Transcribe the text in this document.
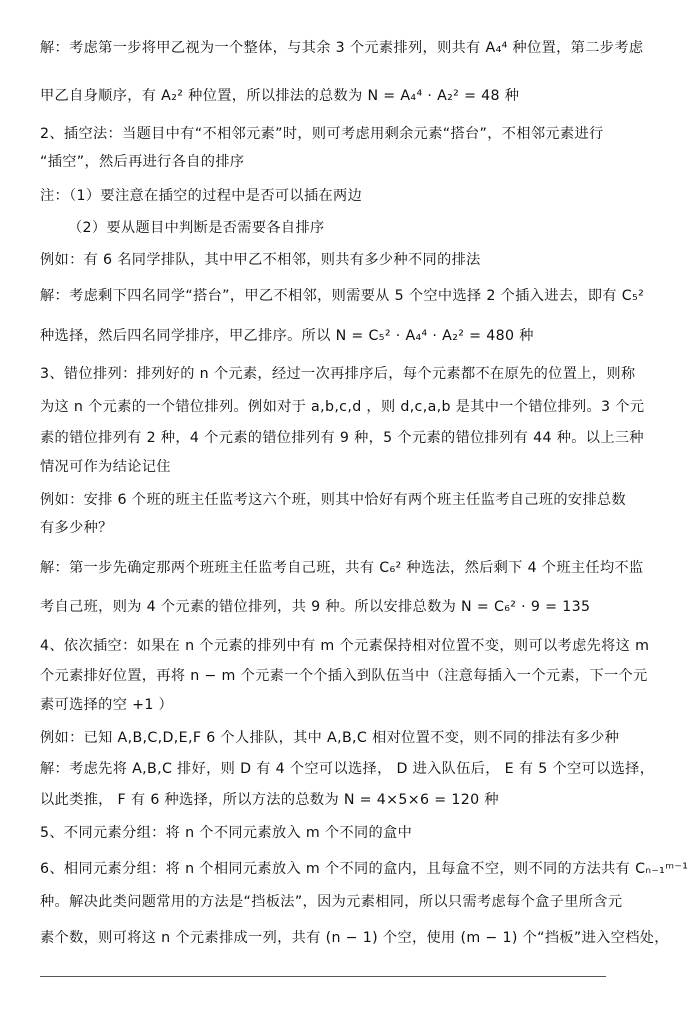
解：考虑第一步将甲乙视为一个整体，与其余 3 个元素排列，则共有 A₄⁴ 种位置，第二步考虑
甲乙自身顺序，有 A₂² 种位置，所以排法的总数为 N = A₄⁴ · A₂² = 48 种
2、插空法：当题目中有“不相邻元素”时，则可考虑用剩余元素“搭台”，不相邻元素进行
“插空”，然后再进行各自的排序
注：（1）要注意在插空的过程中是否可以插在两边
（2）要从题目中判断是否需要各自排序
例如：有 6 名同学排队，其中甲乙不相邻，则共有多少种不同的排法
解：考虑剩下四名同学“搭台”，甲乙不相邻，则需要从 5 个空中选择 2 个插入进去，即有 C₅²
种选择，然后四名同学排序，甲乙排序。所以 N = C₅² · A₄⁴ · A₂² = 480 种
3、错位排列：排列好的 n 个元素，经过一次再排序后，每个元素都不在原先的位置上，则称
为这 n 个元素的一个错位排列。例如对于 a,b,c,d ，则 d,c,a,b 是其中一个错位排列。3 个元
素的错位排列有 2 种，4 个元素的错位排列有 9 种，5 个元素的错位排列有 44 种。以上三种
情况可作为结论记住
例如：安排 6 个班的班主任监考这六个班，则其中恰好有两个班主任监考自己班的安排总数
有多少种？
解：第一步先确定那两个班班主任监考自己班，共有 C₆² 种选法，然后剩下 4 个班主任均不监
考自己班，则为 4 个元素的错位排列，共 9 种。所以安排总数为 N = C₆² · 9 = 135
4、依次插空：如果在 n 个元素的排列中有 m 个元素保持相对位置不变，则可以考虑先将这 m
个元素排好位置，再将 n − m 个元素一个个插入到队伍当中（注意每插入一个元素，下一个元
素可选择的空 +1 ）
例如：已知 A,B,C,D,E,F 6 个人排队，其中 A,B,C 相对位置不变，则不同的排法有多少种
解：考虑先将 A,B,C 排好，则 D 有 4 个空可以选择， D 进入队伍后， E 有 5 个空可以选择，
以此类推， F 有 6 种选择，所以方法的总数为 N = 4×5×6 = 120 种
5、不同元素分组：将 n 个不同元素放入 m 个不同的盒中
6、相同元素分组：将 n 个相同元素放入 m 个不同的盒内，且每盒不空，则不同的方法共有 Cₙ₋₁ᵐ⁻¹
种。解决此类问题常用的方法是“挡板法”，因为元素相同，所以只需考虑每个盒子里所含元
素个数，则可将这 n 个元素排成一列，共有 (n − 1) 个空，使用 (m − 1) 个“挡板”进入空档处，
